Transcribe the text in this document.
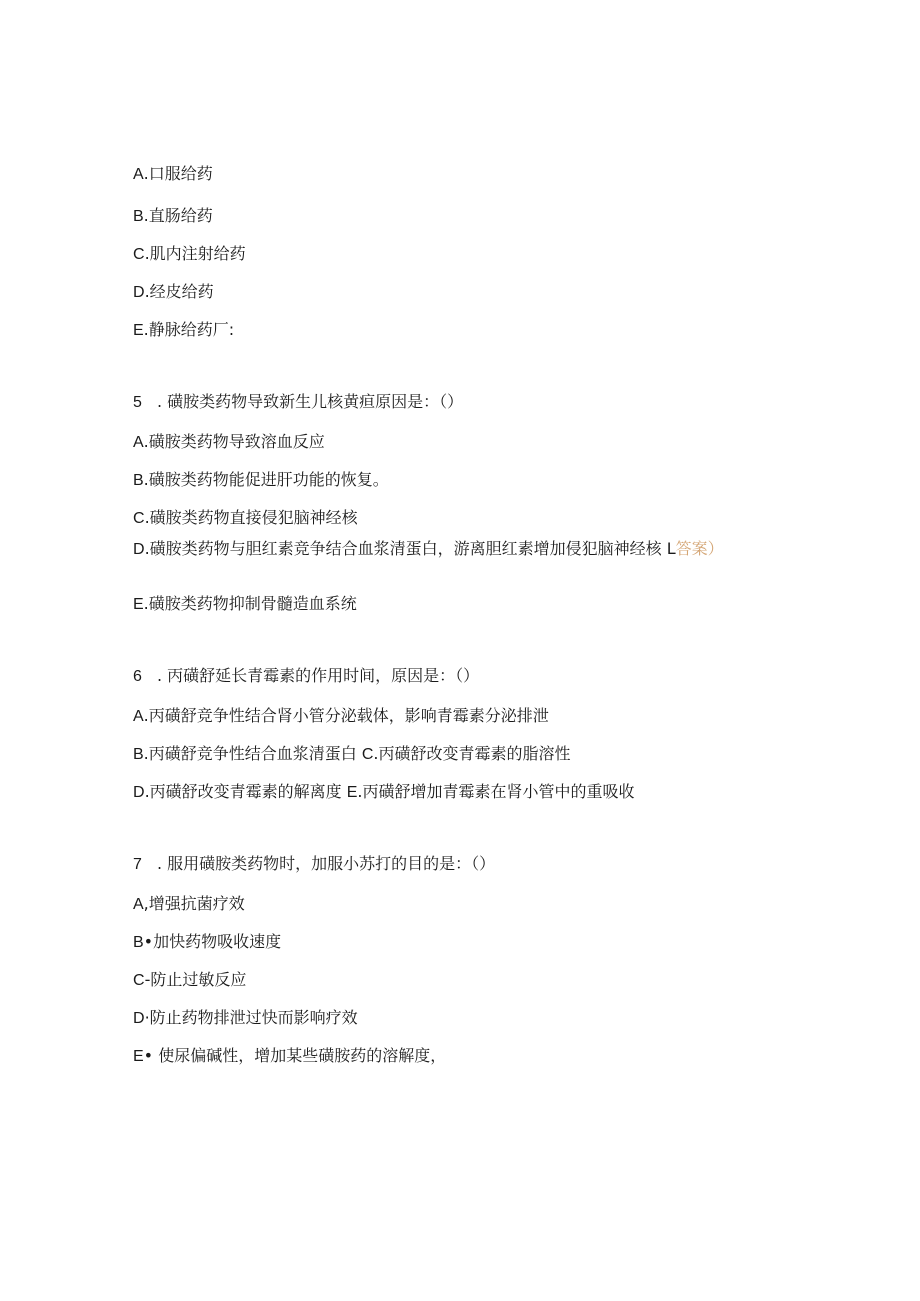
A.口服给药
B.直肠给药
C.肌内注射给药
D.经皮给药
E.静脉给药厂:
5 . 磺胺类药物导致新生儿核黄疸原因是：（）
A.磺胺类药物导致溶血反应
B.磺胺类药物能促进肝功能的恢复。
C.磺胺类药物直接侵犯脑神经核
D.磺胺类药物与胆红素竞争结合血浆清蛋白，游离胆红素增加侵犯脑神经核 L答案）
E.磺胺类药物抑制骨髓造血系统
6 . 丙磺舒延长青霉素的作用时间，原因是：（）
A.丙磺舒竞争性结合肾小管分泌载体，影响青霉素分泌排泄
B.丙磺舒竞争性结合血浆清蛋白 C.丙磺舒改变青霉素的脂溶性
D.丙磺舒改变青霉素的解离度 E.丙磺舒增加青霉素在肾小管中的重吸收
7 . 服用磺胺类药物时，加服小苏打的目的是：（）
A,增强抗菌疗效
B•加快药物吸收速度
C-防止过敏反应
D·防止药物排泄过快而影响疗效
E• 使尿偏碱性，增加某些磺胺药的溶解度，
